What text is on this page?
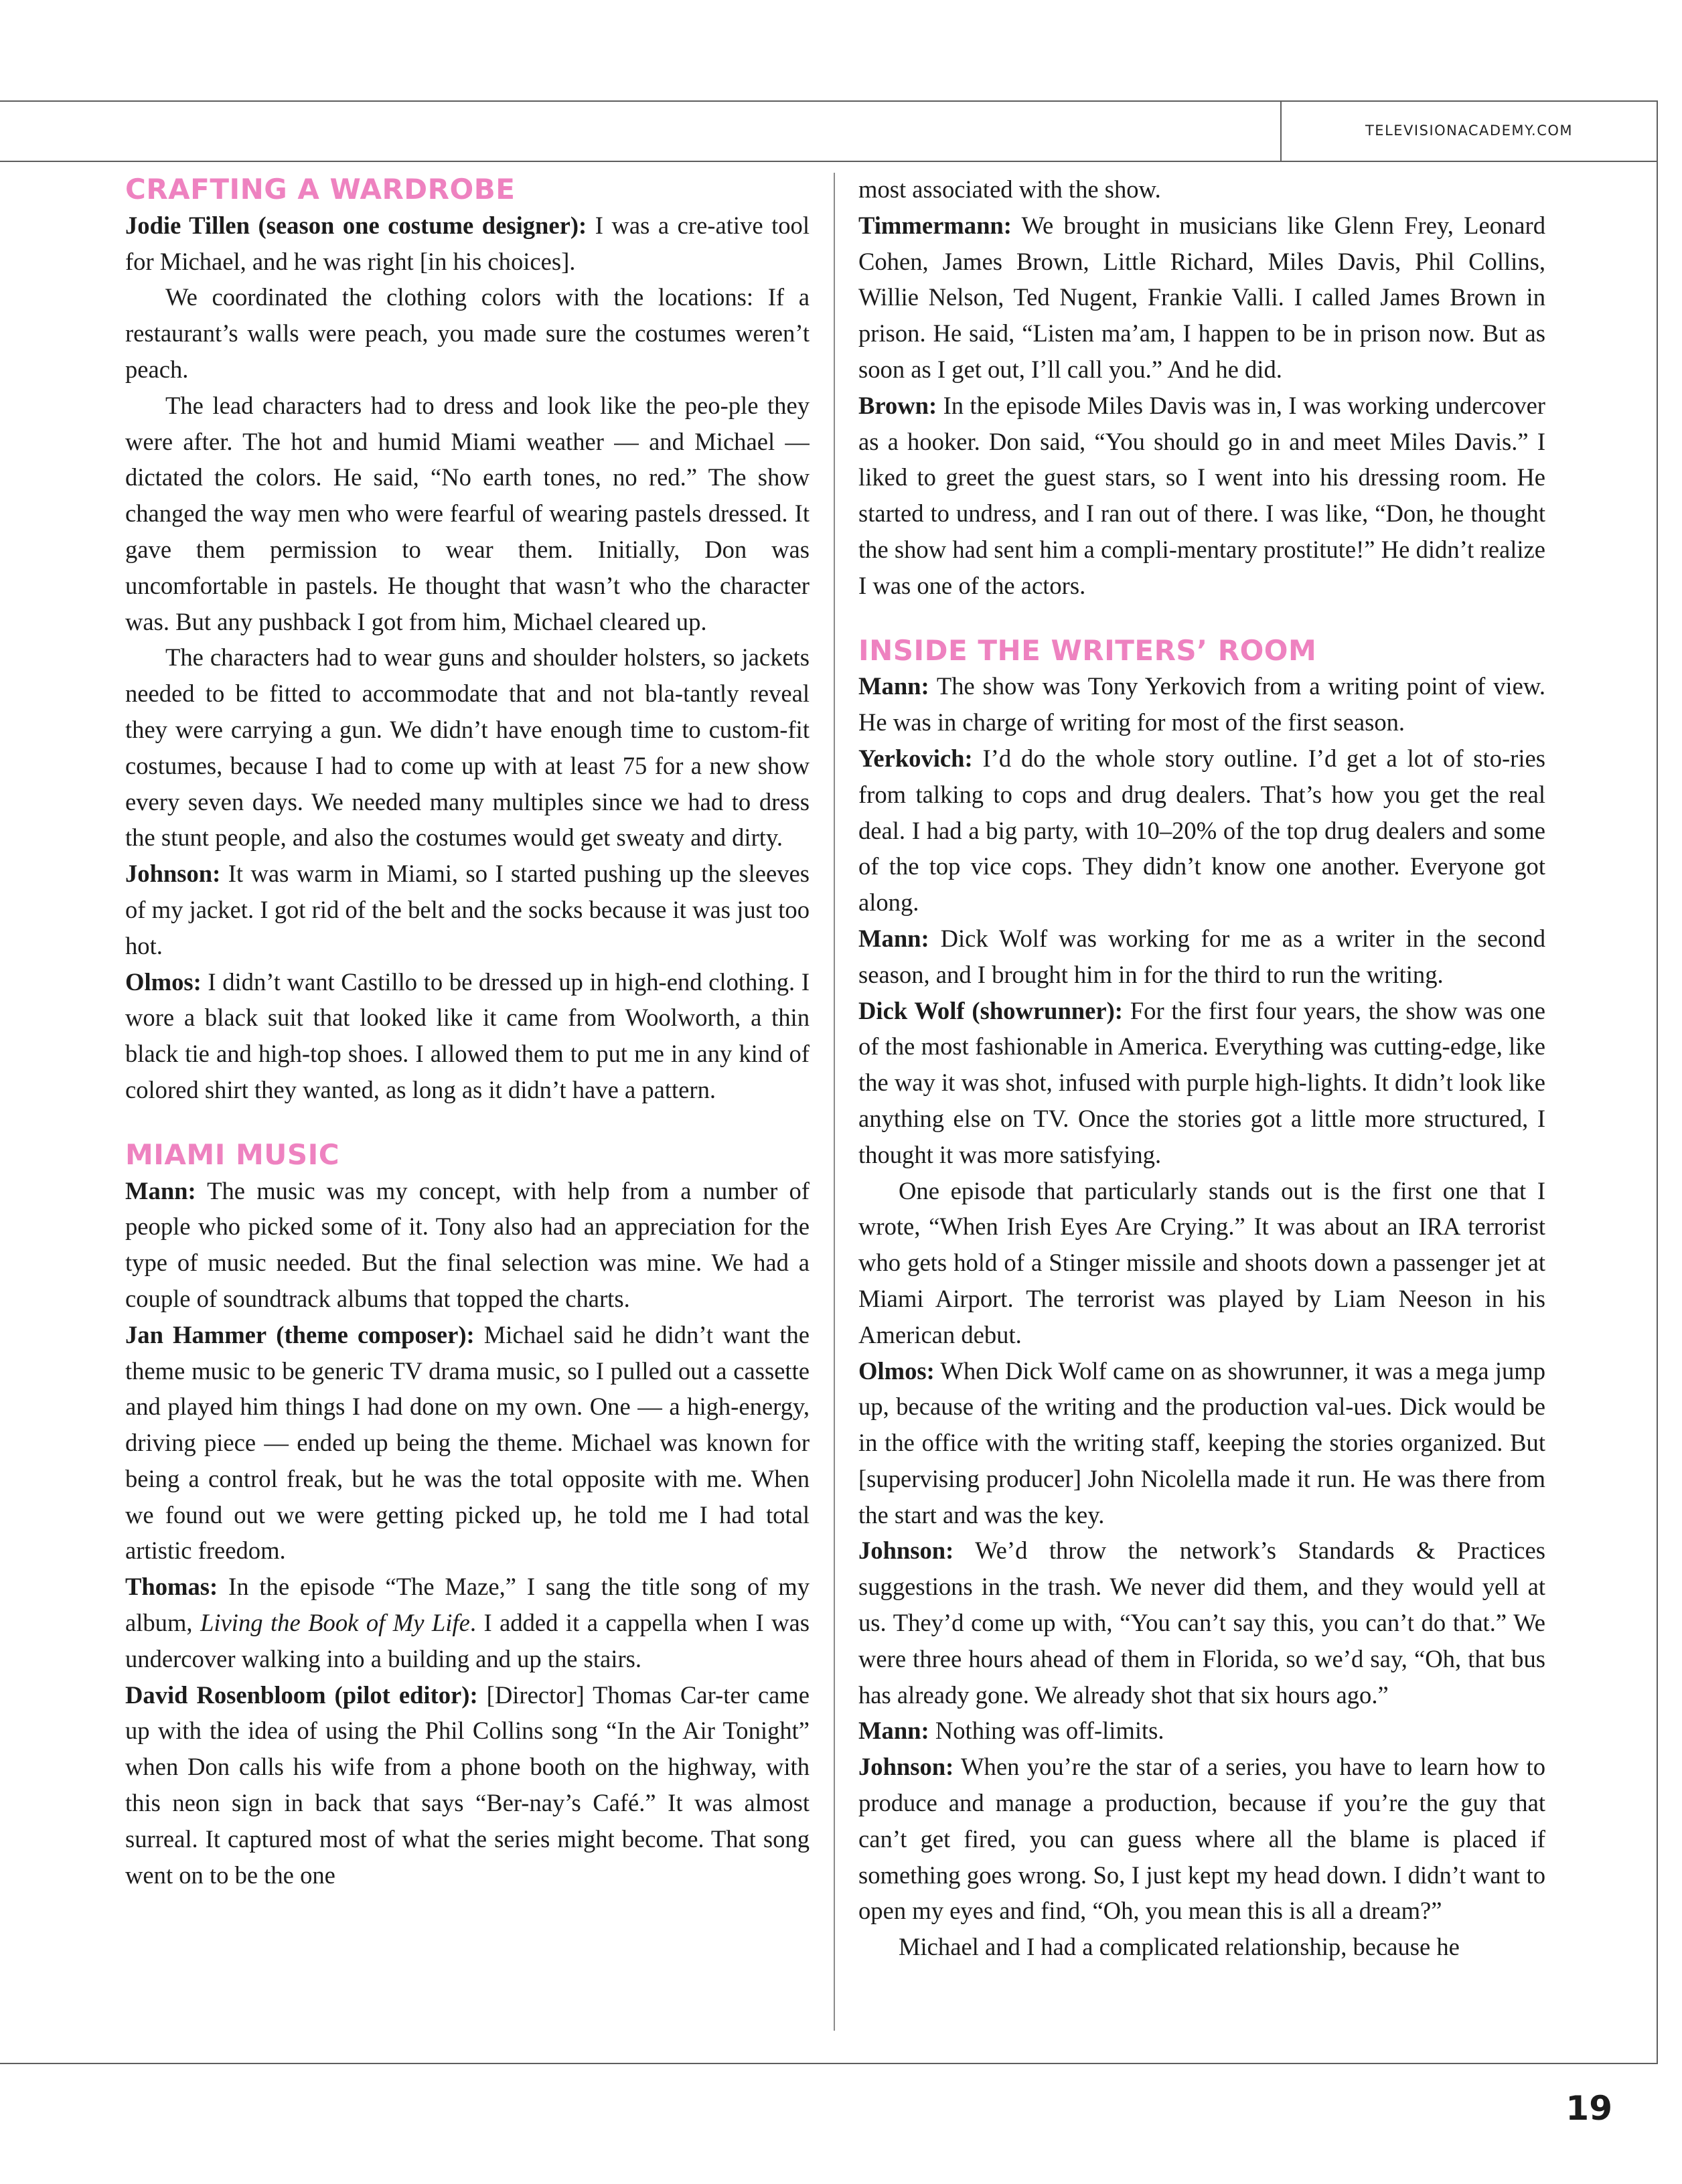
TELEVISIONACADEMY.COM
CRAFTING A WARDROBE

Jodie Tillen (season one costume designer): I was a cre-ative tool for Michael, and he was right [in his choices].

We coordinated the clothing colors with the locations: If a restaurant’s walls were peach, you made sure the costumes weren’t peach.

The lead characters had to dress and look like the peo-ple they were after. The hot and humid Miami weather — and Michael — dictated the colors. He said, “No earth tones, no red.” The show changed the way men who were fearful of wearing pastels dressed. It gave them permission to wear them. Initially, Don was uncomfortable in pastels. He thought that wasn’t who the character was. But any pushback I got from him, Michael cleared up.

The characters had to wear guns and shoulder holsters, so jackets needed to be fitted to accommodate that and not bla-tantly reveal they were carrying a gun. We didn’t have enough time to custom-fit costumes, because I had to come up with at least 75 for a new show every seven days. We needed many multiples since we had to dress the stunt people, and also the costumes would get sweaty and dirty.

Johnson: It was warm in Miami, so I started pushing up the sleeves of my jacket. I got rid of the belt and the socks because it was just too hot.

Olmos: I didn’t want Castillo to be dressed up in high-end clothing. I wore a black suit that looked like it came from Woolworth, a thin black tie and high-top shoes. I allowed them to put me in any kind of colored shirt they wanted, as long as it didn’t have a pattern.

MIAMI MUSIC

Mann: The music was my concept, with help from a number of people who picked some of it. Tony also had an appreciation for the type of music needed. But the final selection was mine. We had a couple of soundtrack albums that topped the charts.

Jan Hammer (theme composer): Michael said he didn’t want the theme music to be generic TV drama music, so I pulled out a cassette and played him things I had done on my own. One — a high-energy, driving piece — ended up being the theme. Michael was known for being a control freak, but he was the total opposite with me. When we found out we were getting picked up, he told me I had total artistic freedom.

Thomas: In the episode “The Maze,” I sang the title song of my album, Living the Book of My Life. I added it a cappella when I was undercover walking into a building and up the stairs.

David Rosenbloom (pilot editor): [Director] Thomas Car-ter came up with the idea of using the Phil Collins song “In the Air Tonight” when Don calls his wife from a phone booth on the highway, with this neon sign in back that says “Ber-nay’s Café.” It was almost surreal. It captured most of what the series might become. That song went on to be the one

most associated with the show.

Timmermann: We brought in musicians like Glenn Frey, Leonard Cohen, James Brown, Little Richard, Miles Davis, Phil Collins, Willie Nelson, Ted Nugent, Frankie Valli. I called James Brown in prison. He said, “Listen ma’am, I happen to be in prison now. But as soon as I get out, I’ll call you.” And he did.

Brown: In the episode Miles Davis was in, I was working undercover as a hooker. Don said, “You should go in and meet Miles Davis.” I liked to greet the guest stars, so I went into his dressing room. He started to undress, and I ran out of there. I was like, “Don, he thought the show had sent him a compli-mentary prostitute!” He didn’t realize I was one of the actors.

INSIDE THE WRITERS’ ROOM

Mann: The show was Tony Yerkovich from a writing point of view. He was in charge of writing for most of the first season.

Yerkovich: I’d do the whole story outline. I’d get a lot of sto-ries from talking to cops and drug dealers. That’s how you get the real deal. I had a big party, with 10–20% of the top drug dealers and some of the top vice cops. They didn’t know one another. Everyone got along.

Mann: Dick Wolf was working for me as a writer in the second season, and I brought him in for the third to run the writing.

Dick Wolf (showrunner): For the first four years, the show was one of the most fashionable in America. Everything was cutting-edge, like the way it was shot, infused with purple high-lights. It didn’t look like anything else on TV. Once the stories got a little more structured, I thought it was more satisfying.

One episode that particularly stands out is the first one that I wrote, “When Irish Eyes Are Crying.” It was about an IRA terrorist who gets hold of a Stinger missile and shoots down a passenger jet at Miami Airport. The terrorist was played by Liam Neeson in his American debut.

Olmos: When Dick Wolf came on as showrunner, it was a mega jump up, because of the writing and the production val-ues. Dick would be in the office with the writing staff, keeping the stories organized. But [supervising producer] John Nicolella made it run. He was there from the start and was the key.

Johnson: We’d throw the network’s Standards & Practices suggestions in the trash. We never did them, and they would yell at us. They’d come up with, “You can’t say this, you can’t do that.” We were three hours ahead of them in Florida, so we’d say, “Oh, that bus has already gone. We already shot that six hours ago.”

Mann: Nothing was off-limits.

Johnson: When you’re the star of a series, you have to learn how to produce and manage a production, because if you’re the guy that can’t get fired, you can guess where all the blame is placed if something goes wrong. So, I just kept my head down. I didn’t want to open my eyes and find, “Oh, you mean this is all a dream?”

Michael and I had a complicated relationship, because he

19
